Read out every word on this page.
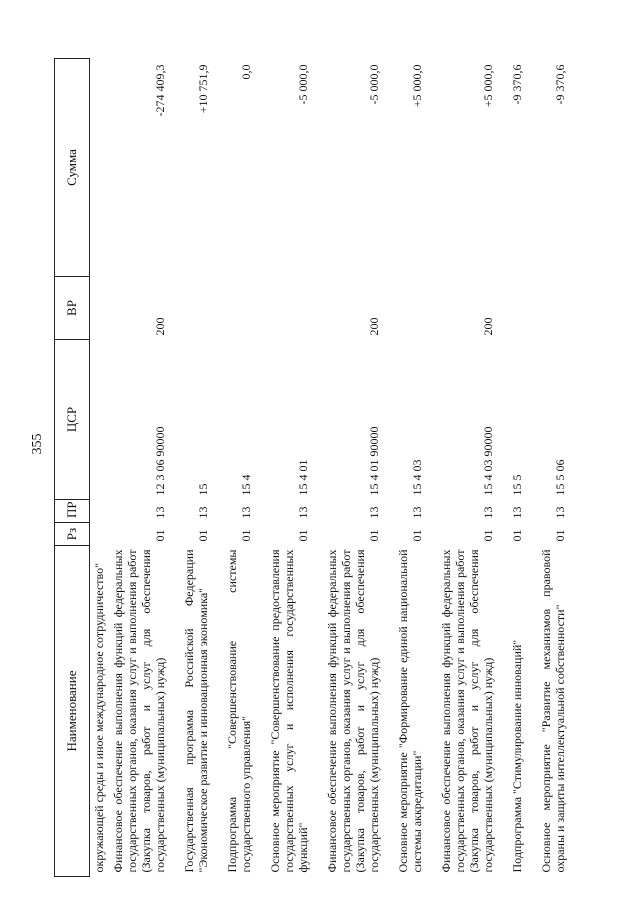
355
Наименование	Рз	ПР	ЦСР	ВР	Сумма
окружающей среды и иное международное сотрудничество"					
Финансовое обеспечение выполнения функций федеральных государственных органов, оказания услуг и выполнения работ (Закупка товаров, работ и услуг для обеспечения государственных (муниципальных) нужд)	01	13	12 3 06 90000	200	-274 409,3

Государственная программа Российской Федерации "Экономическое развитие и инновационная экономика"	01	13	15		+10 751,9

Подпрограмма "Совершенствование системы государственного управления"	01	13	15 4		0,0

Основное мероприятие "Совершенствование предоставления государственных услуг и исполнения государственных функций"	01	13	15 4 01		-5 000,0

Финансовое обеспечение выполнения функций федеральных государственных органов, оказания услуг и выполнения работ (Закупка товаров, работ и услуг для обеспечения государственных (муниципальных) нужд)	01	13	15 4 01 90000	200	-5 000,0

Основное мероприятие "Формирование единой национальной системы аккредитации"	01	13	15 4 03		+5 000,0

Финансовое обеспечение выполнения функций федеральных государственных органов, оказания услуг и выполнения работ (Закупка товаров, работ и услуг для обеспечения государственных (муниципальных) нужд)	01	13	15 4 03 90000	200	+5 000,0

Подпрограмма "Стимулирование инноваций"	01	13	15 5		-9 370,6

Основное мероприятие "Развитие механизмов правовой охраны и защиты интеллектуальной собственности"	01	13	15 5 06		-9 370,6
